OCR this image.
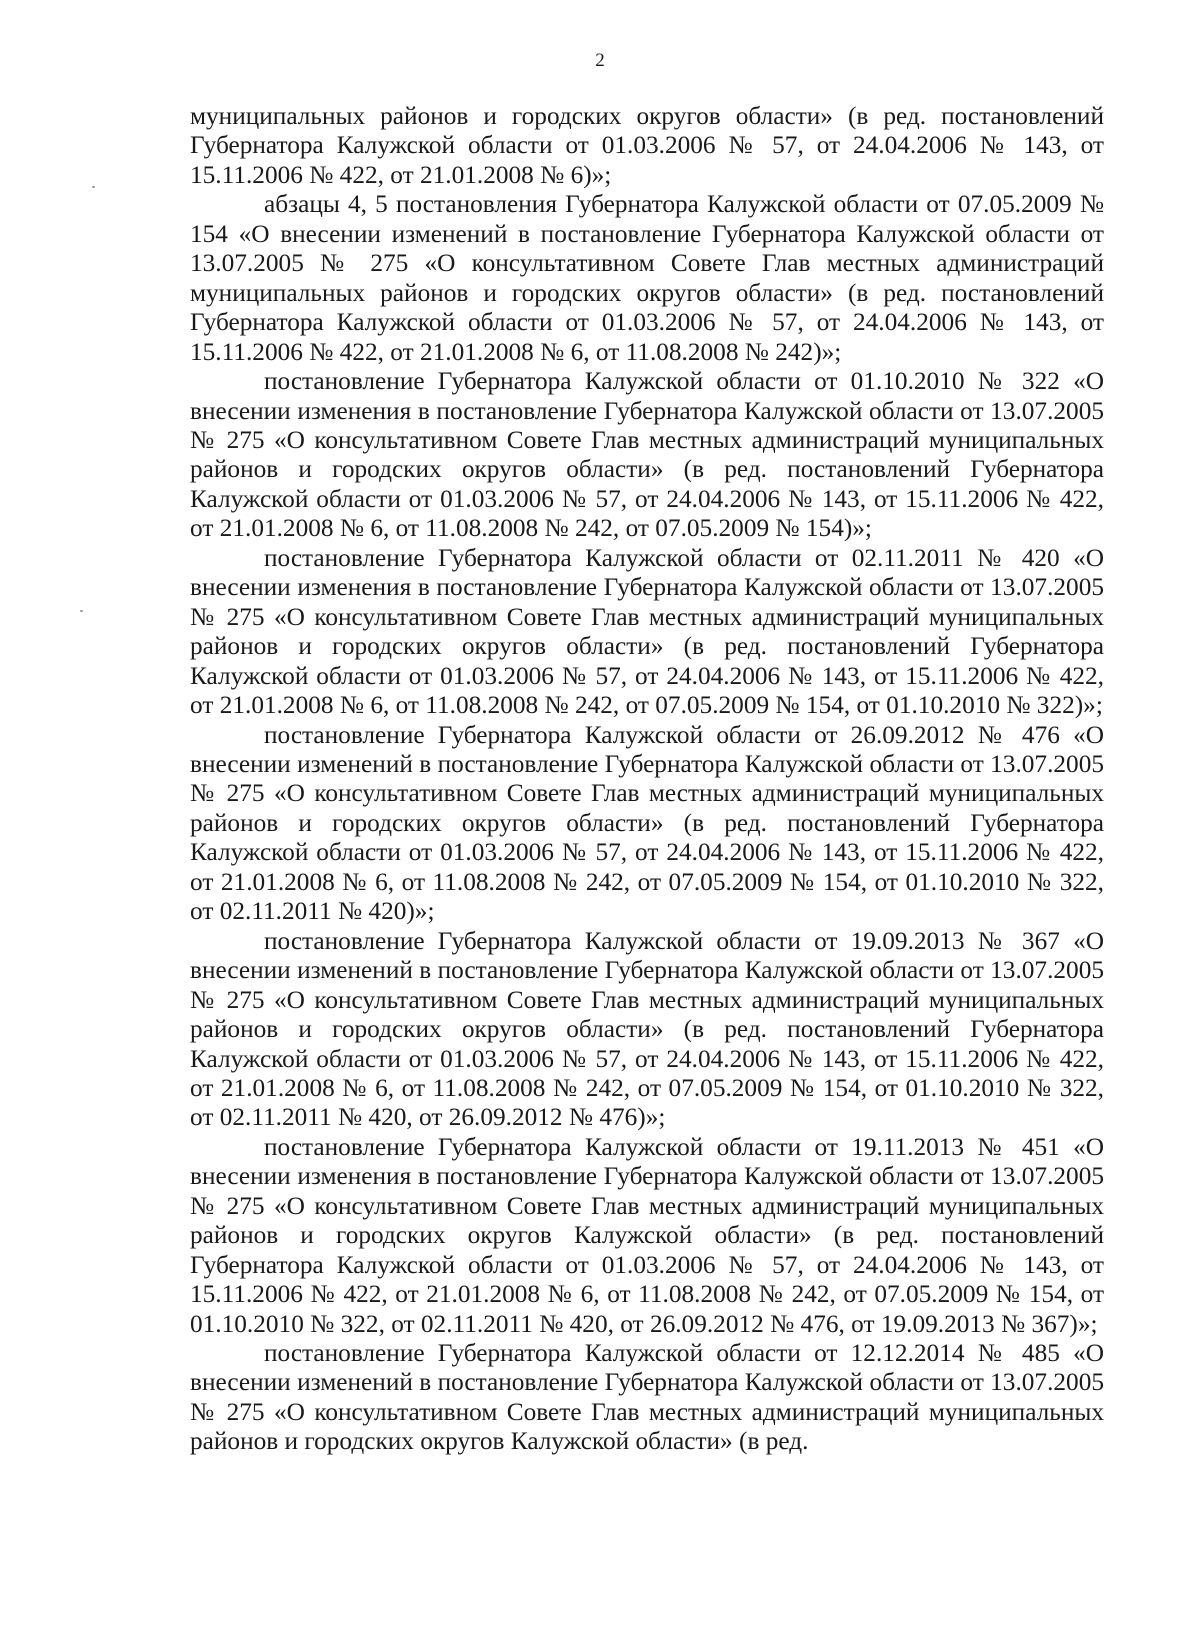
2

муниципальных районов и городских округов области» (в ред. постановлений Губернатора Калужской области от 01.03.2006 № 57, от 24.04.2006 № 143, от 15.11.2006 № 422, от 21.01.2008 № 6)»;

абзацы 4, 5 постановления Губернатора Калужской области от 07.05.2009 № 154 «О внесении изменений в постановление Губернатора Калужской области от 13.07.2005 № 275 «О консультативном Совете Глав местных администраций муниципальных районов и городских округов области» (в ред. постановлений Губернатора Калужской области от 01.03.2006 № 57, от 24.04.2006 № 143, от 15.11.2006 № 422, от 21.01.2008 № 6, от 11.08.2008 № 242)»;

постановление Губернатора Калужской области от 01.10.2010 № 322 «О внесении изменения в постановление Губернатора Калужской области от 13.07.2005 № 275 «О консультативном Совете Глав местных администраций муниципальных районов и городских округов области» (в ред. постановлений Губернатора Калужской области от 01.03.2006 № 57, от 24.04.2006 № 143, от 15.11.2006 № 422, от 21.01.2008 № 6, от 11.08.2008 № 242, от 07.05.2009 № 154)»;

постановление Губернатора Калужской области от 02.11.2011 № 420 «О внесении изменения в постановление Губернатора Калужской области от 13.07.2005 № 275 «О консультативном Совете Глав местных администраций муниципальных районов и городских округов области» (в ред. постановлений Губернатора Калужской области от 01.03.2006 № 57, от 24.04.2006 № 143, от 15.11.2006 № 422, от 21.01.2008 № 6, от 11.08.2008 № 242, от 07.05.2009 № 154, от 01.10.2010 № 322)»;

постановление Губернатора Калужской области от 26.09.2012 № 476 «О внесении изменений в постановление Губернатора Калужской области от 13.07.2005 № 275 «О консультативном Совете Глав местных администраций муниципальных районов и городских округов области» (в ред. постановлений Губернатора Калужской области от 01.03.2006 № 57, от 24.04.2006 № 143, от 15.11.2006 № 422, от 21.01.2008 № 6, от 11.08.2008 № 242, от 07.05.2009 № 154, от 01.10.2010 № 322, от 02.11.2011 № 420)»;

постановление Губернатора Калужской области от 19.09.2013 № 367 «О внесении изменений в постановление Губернатора Калужской области от 13.07.2005 № 275 «О консультативном Совете Глав местных администраций муниципальных районов и городских округов области» (в ред. постановлений Губернатора Калужской области от 01.03.2006 № 57, от 24.04.2006 № 143, от 15.11.2006 № 422, от 21.01.2008 № 6, от 11.08.2008 № 242, от 07.05.2009 № 154, от 01.10.2010 № 322, от 02.11.2011 № 420, от 26.09.2012 № 476)»;

постановление Губернатора Калужской области от 19.11.2013 № 451 «О внесении изменения в постановление Губернатора Калужской области от 13.07.2005 № 275 «О консультативном Совете Глав местных администраций муниципальных районов и городских округов Калужской области» (в ред. постановлений Губернатора Калужской области от 01.03.2006 № 57, от 24.04.2006 № 143, от 15.11.2006 № 422, от 21.01.2008 № 6, от 11.08.2008 № 242, от 07.05.2009 № 154, от 01.10.2010 № 322, от 02.11.2011 № 420, от 26.09.2012 № 476, от 19.09.2013 № 367)»;

постановление Губернатора Калужской области от 12.12.2014 № 485 «О внесении изменений в постановление Губернатора Калужской области от 13.07.2005 № 275 «О консультативном Совете Глав местных администраций муниципальных районов и городских округов Калужской области» (в ред.
